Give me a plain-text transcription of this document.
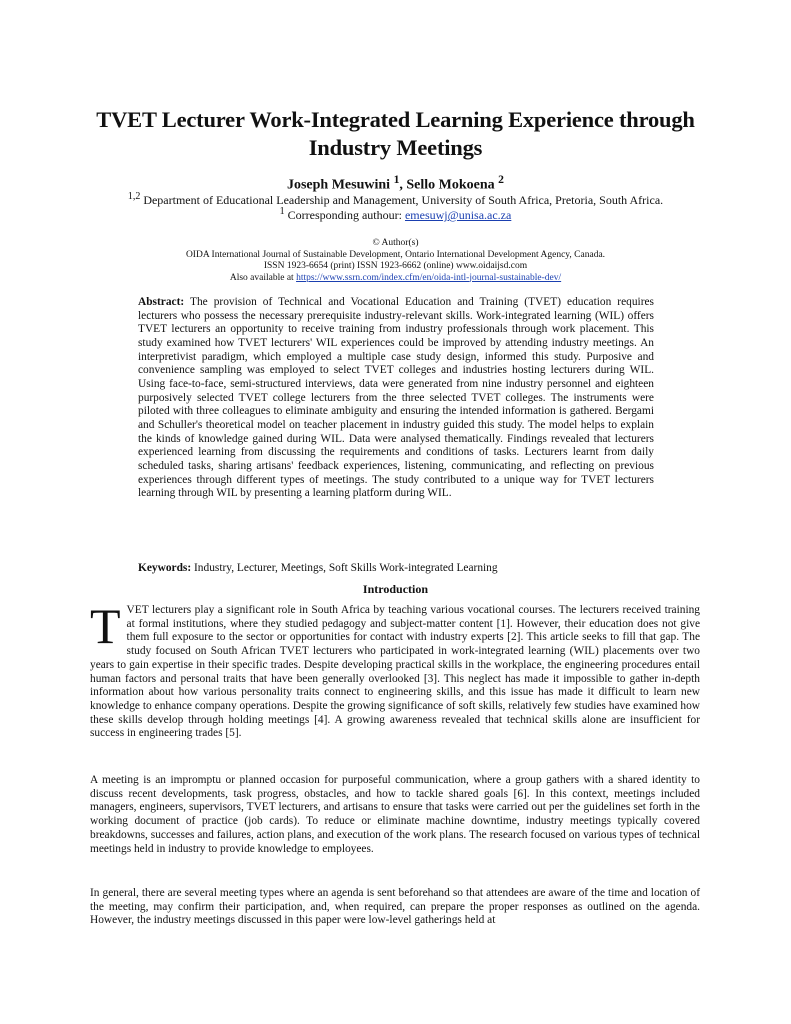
TVET Lecturer Work-Integrated Learning Experience through Industry Meetings
Joseph Mesuwini $^1$, Sello Mokoena $^2$
$^{1,2}$ Department of Educational Leadership and Management, University of South Africa, Pretoria, South Africa.
$^1$ Corresponding authour: emesuwj@unisa.ac.za
© Author(s)
OIDA International Journal of Sustainable Development, Ontario International Development Agency, Canada.
ISSN 1923-6654 (print) ISSN 1923-6662 (online) www.oidaijsd.com
Also available at https://www.ssrn.com/index.cfm/en/oida-intl-journal-sustainable-dev/

Abstract: The provision of Technical and Vocational Education and Training (TVET) education requires lecturers who possess the necessary prerequisite industry-relevant skills. Work-integrated learning (WIL) offers TVET lecturers an opportunity to receive training from industry professionals through work placement. This study examined how TVET lecturers' WIL experiences could be improved by attending industry meetings. An interpretivist paradigm, which employed a multiple case study design, informed this study. Purposive and convenience sampling was employed to select TVET colleges and industries hosting lecturers during WIL. Using face-to-face, semi-structured interviews, data were generated from nine industry personnel and eighteen purposively selected TVET college lecturers from the three selected TVET colleges. The instruments were piloted with three colleagues to eliminate ambiguity and ensuring the intended information is gathered. Bergami and Schuller's theoretical model on teacher placement in industry guided this study. The model helps to explain the kinds of knowledge gained during WIL. Data were analysed thematically. Findings revealed that lecturers experienced learning from discussing the requirements and conditions of tasks. Lecturers learnt from daily scheduled tasks, sharing artisans' feedback experiences, listening, communicating, and reflecting on previous experiences through different types of meetings. The study contributed to a unique way for TVET lecturers learning through WIL by presenting a learning platform during WIL.

Keywords: Industry, Lecturer, Meetings, Soft Skills Work-integrated Learning

Introduction

TVET lecturers play a significant role in South Africa by teaching various vocational courses. The lecturers received training at formal institutions, where they studied pedagogy and subject-matter content [1]. However, their education does not give them full exposure to the sector or opportunities for contact with industry experts [2]. This article seeks to fill that gap. The study focused on South African TVET lecturers who participated in work-integrated learning (WIL) placements over two years to gain expertise in their specific trades. Despite developing practical skills in the workplace, the engineering procedures entail human factors and personal traits that have been generally overlooked [3]. This neglect has made it impossible to gather in-depth information about how various personality traits connect to engineering skills, and this issue has made it difficult to learn new knowledge to enhance company operations. Despite the growing significance of soft skills, relatively few studies have examined how these skills develop through holding meetings [4]. A growing awareness revealed that technical skills alone are insufficient for success in engineering trades [5].

A meeting is an impromptu or planned occasion for purposeful communication, where a group gathers with a shared identity to discuss recent developments, task progress, obstacles, and how to tackle shared goals [6]. In this context, meetings included managers, engineers, supervisors, TVET lecturers, and artisans to ensure that tasks were carried out per the guidelines set forth in the working document of practice (job cards). To reduce or eliminate machine downtime, industry meetings typically covered breakdowns, successes and failures, action plans, and execution of the work plans. The research focused on various types of technical meetings held in industry to provide knowledge to employees.

In general, there are several meeting types where an agenda is sent beforehand so that attendees are aware of the time and location of the meeting, may confirm their participation, and, when required, can prepare the proper responses as outlined on the agenda. However, the industry meetings discussed in this paper were low-level gatherings held at
